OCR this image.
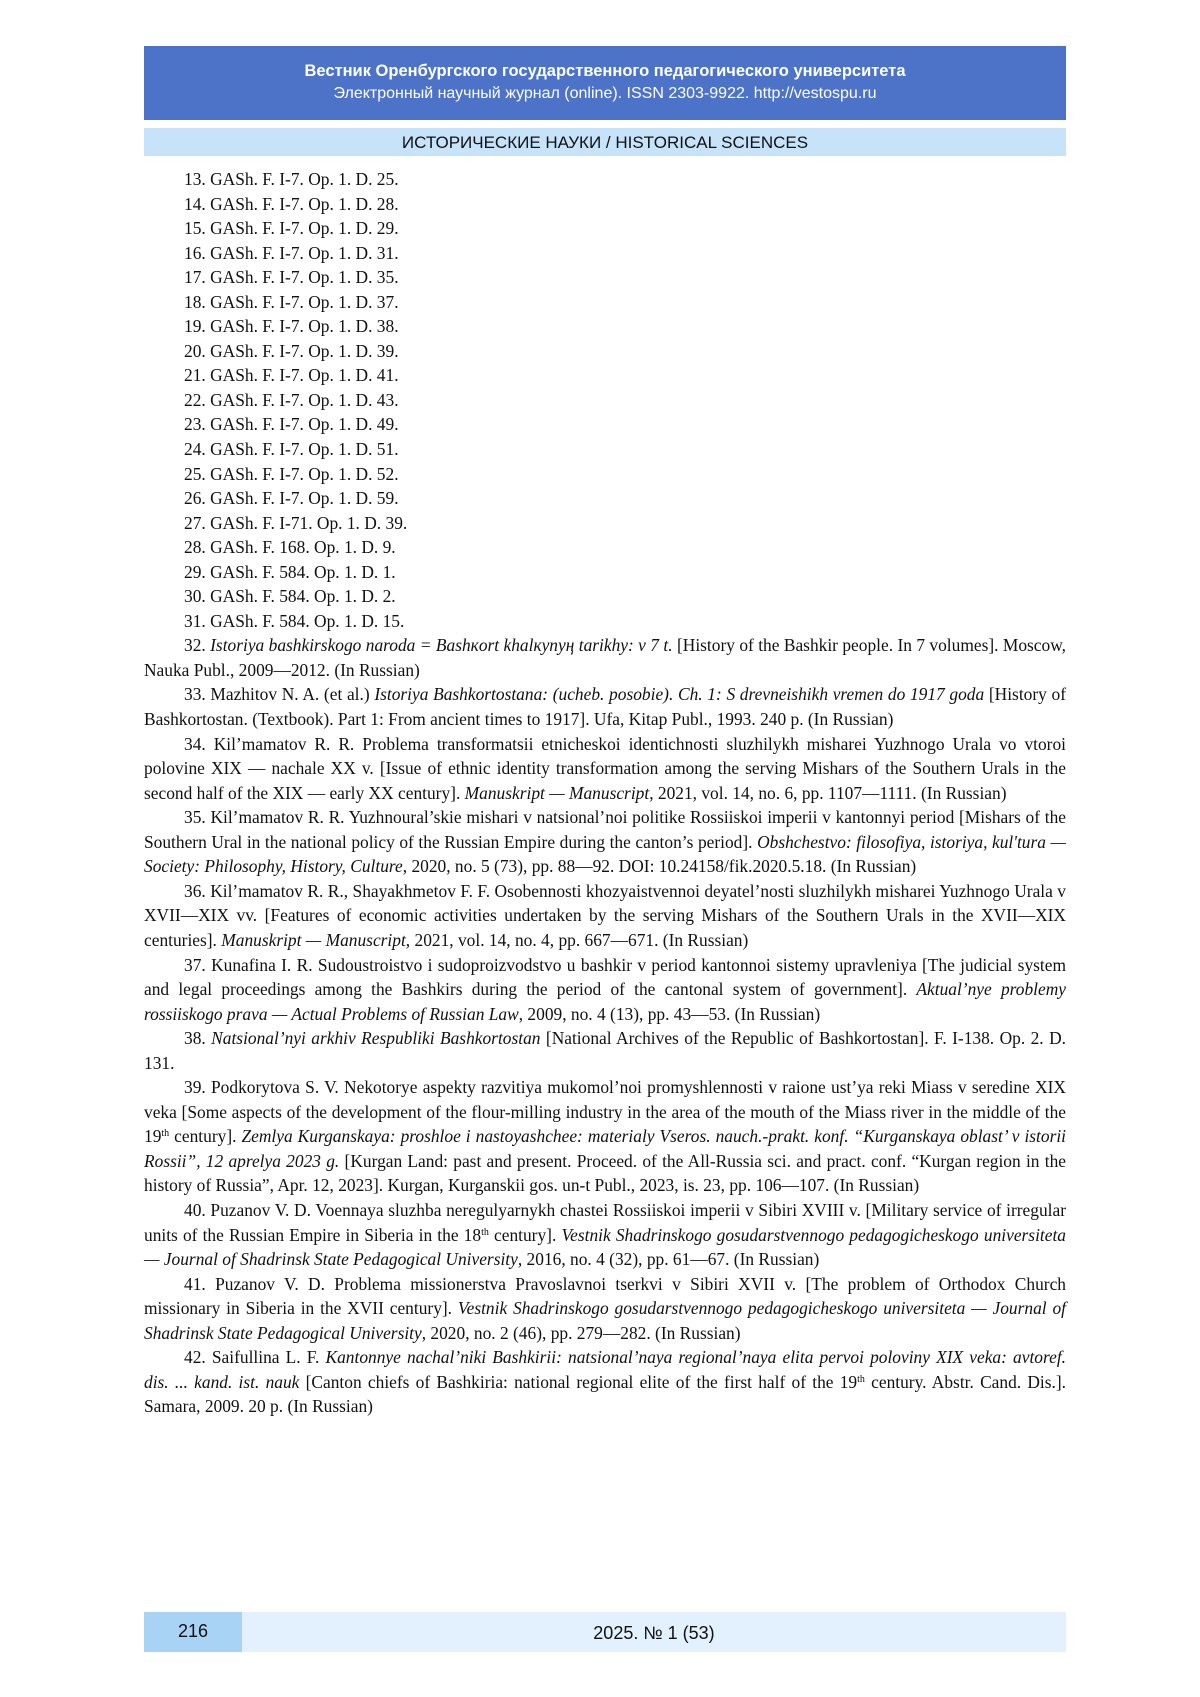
Вестник Оренбургского государственного педагогического университета
Электронный научный журнал (online). ISSN 2303-9922. http://vestospu.ru
ИСТОРИЧЕСКИЕ НАУКИ / HISTORICAL SCIENCES

13. GASh. F. I-7. Op. 1. D. 25.

14. GASh. F. I-7. Op. 1. D. 28.

15. GASh. F. I-7. Op. 1. D. 29.

16. GASh. F. I-7. Op. 1. D. 31.

17. GASh. F. I-7. Op. 1. D. 35.

18. GASh. F. I-7. Op. 1. D. 37.

19. GASh. F. I-7. Op. 1. D. 38.

20. GASh. F. I-7. Op. 1. D. 39.

21. GASh. F. I-7. Op. 1. D. 41.

22. GASh. F. I-7. Op. 1. D. 43.

23. GASh. F. I-7. Op. 1. D. 49.

24. GASh. F. I-7. Op. 1. D. 51.

25. GASh. F. I-7. Op. 1. D. 52.

26. GASh. F. I-7. Op. 1. D. 59.

27. GASh. F. I-71. Op. 1. D. 39.

28. GASh. F. 168. Op. 1. D. 9.

29. GASh. F. 584. Op. 1. D. 1.

30. GASh. F. 584. Op. 1. D. 2.

31. GASh. F. 584. Op. 1. D. 15.

32. Istoriya bashkirskogo naroda = Bashкort khalкynyң tarikhy: v 7 t. [History of the Bashkir people. In 7 volumes]. Moscow, Nauka Publ., 2009—2012. (In Russian)

33. Mazhitov N. A. (et al.) Istoriya Bashkortostana: (ucheb. posobie). Ch. 1: S drevneishikh vremen do 1917 goda [History of Bashkortostan. (Textbook). Part 1: From ancient times to 1917]. Ufa, Kitap Publ., 1993. 240 p. (In Russian)

34. Kil’mamatov R. R. Problema transformatsii etnicheskoi identichnosti sluzhilykh misharei Yuzhnogo Urala vo vtoroi polovine XIX — nachale XX v. [Issue of ethnic identity transformation among the serving Mishars of the Southern Urals in the second half of the XIX — early XX century]. Manuskript — Manuscript, 2021, vol. 14, no. 6, pp. 1107—1111. (In Russian)

35. Kil’mamatov R. R. Yuzhnoural’skie mishari v natsional’noi politike Rossiiskoi imperii v kantonnyi period [Mishars of the Southern Ural in the national policy of the Russian Empire during the canton’s period]. Obshchestvo: filosofiya, istoriya, kul'tura — Society: Philosophy, History, Culture, 2020, no. 5 (73), pp. 88—92. DOI: 10.24158/fik.2020.5.18. (In Russian)

36. Kil’mamatov R. R., Shayakhmetov F. F. Osobennosti khozyaistvennoi deyatel’nosti sluzhilykh misharei Yuzhnogo Urala v XVII—XIX vv. [Features of economic activities undertaken by the serving Mishars of the Southern Urals in the XVII—XIX centuries]. Manuskript — Manuscript, 2021, vol. 14, no. 4, pp. 667—671. (In Russian)

37. Kunafina I. R. Sudoustroistvo i sudoproizvodstvo u bashkir v period kantonnoi sistemy upravleniya [The judicial system and legal proceedings among the Bashkirs during the period of the cantonal system of government]. Aktual’nye problemy rossiiskogo prava — Actual Problems of Russian Law, 2009, no. 4 (13), pp. 43—53. (In Russian)

38. Natsional’nyi arkhiv Respubliki Bashkortostan [National Archives of the Republic of Bashkortostan]. F. I-138. Op. 2. D. 131.

39. Podkorytova S. V. Nekotorye aspekty razvitiya mukomol’noi promyshlennosti v raione ust’ya reki Miass v seredine XIX veka [Some aspects of the development of the flour-milling industry in the area of the mouth of the Miass river in the middle of the 19th century]. Zemlya Kurganskaya: proshloe i nastoyashchee: materialy Vseros. nauch.-prakt. konf. “Kurganskaya oblast’ v istorii Rossii”, 12 aprelya 2023 g. [Kurgan Land: past and present. Proceed. of the All-Russia sci. and pract. conf. “Kurgan region in the history of Russia”, Apr. 12, 2023]. Kurgan, Kurganskii gos. un-t Publ., 2023, is. 23, pp. 106—107. (In Russian)

40. Puzanov V. D. Voennaya sluzhba neregulyarnykh chastei Rossiiskoi imperii v Sibiri XVIII v. [Military service of irregular units of the Russian Empire in Siberia in the 18th century]. Vestnik Shadrinskogo gosudarstvennogo pedagogicheskogo universiteta — Journal of Shadrinsk State Pedagogical University, 2016, no. 4 (32), pp. 61—67. (In Russian)

41. Puzanov V. D. Problema missionerstva Pravoslavnoi tserkvi v Sibiri XVII v. [The problem of Orthodox Church missionary in Siberia in the XVII century]. Vestnik Shadrinskogo gosudarstvennogo pedagogicheskogo universiteta — Journal of Shadrinsk State Pedagogical University, 2020, no. 2 (46), pp. 279—282. (In Russian)

42. Saifullina L. F. Kantonnye nachal’niki Bashkirii: natsional’naya regional’naya elita pervoi poloviny XIX veka: avtoref. dis. ... kand. ist. nauk [Canton chiefs of Bashkiria: national regional elite of the first half of the 19th century. Abstr. Cand. Dis.]. Samara, 2009. 20 p. (In Russian)

216	2025. № 1 (53)
